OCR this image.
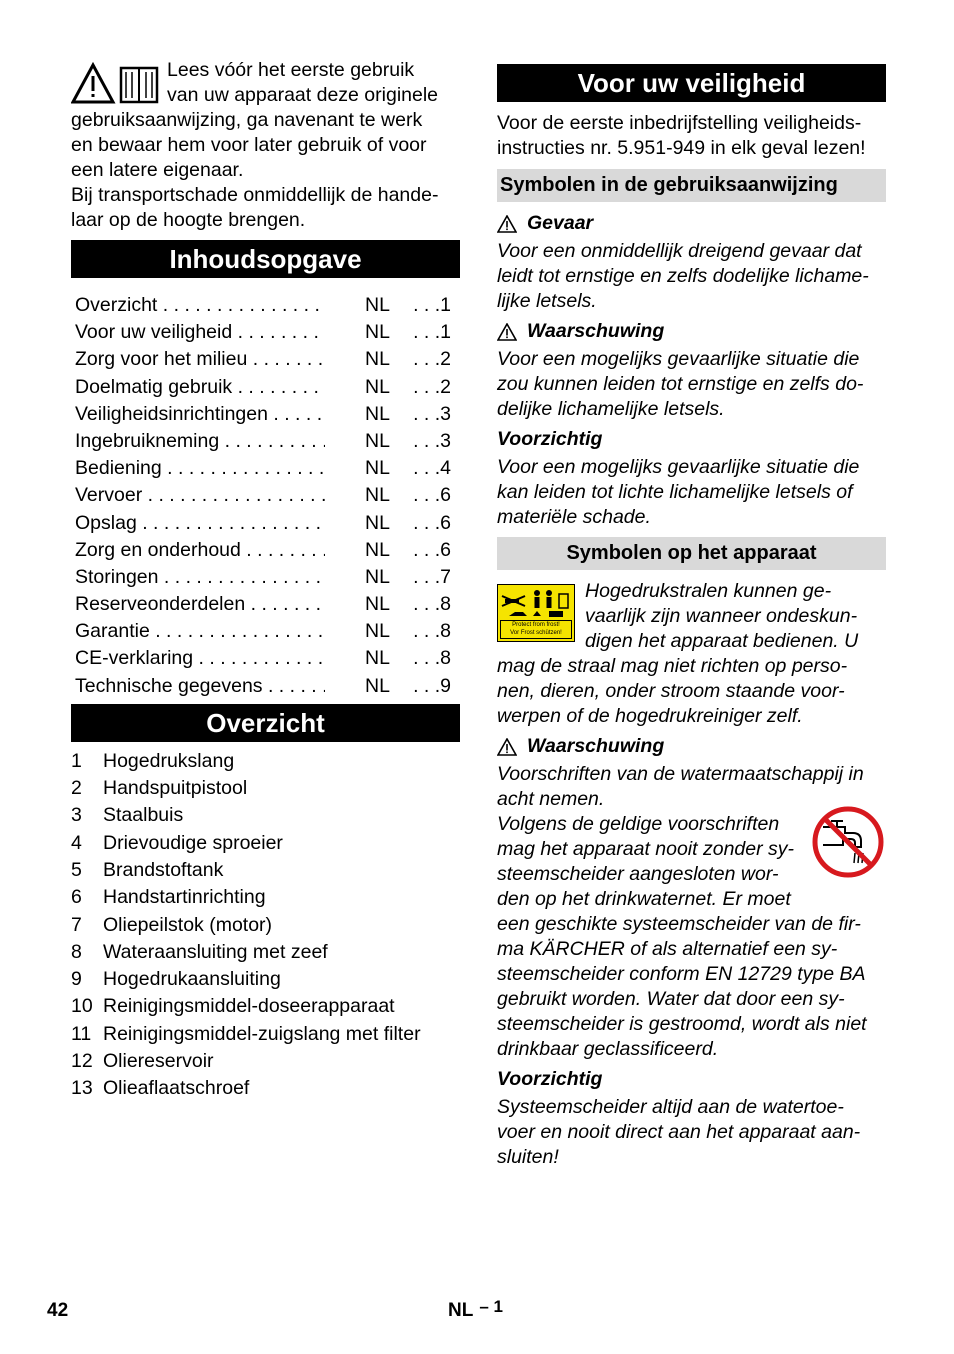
Lees vóór het eerste gebruik

van uw apparaat deze originele

gebruiksaanwijzing, ga navenant te werk

en bewaar hem voor later gebruik of voor

een latere eigenaar.

Bij transportschade onmiddellijk de hande-

laar op de hoogte brengen.

Inhoudsopgave
Overzicht . . .	NL	. . .1
Voor uw veiligheid . . .	NL	. . .1
Zorg voor het milieu . . .	NL	. . .2
Doelmatig gebruik . . .	NL	. . .2
Veiligheidsinrichtingen . . .	NL	. . .3
Ingebruikneming . . .	NL	. . .3
Bediening . . .	NL	. . .4
Vervoer . . .	NL	. . .6
Opslag . . .	NL	. . .6
Zorg en onderhoud . . .	NL	. . .6
Storingen . . .	NL	. . .7
Reserveonderdelen . . .	NL	. . .8
Garantie . . .	NL	. . .8
CE-verklaring . . .	NL	. . .8
Technische gegevens . . .	NL	. . .9
Overzicht
1 Hogedrukslang
2 Handspuitpistool
3 Staalbuis
4 Drievoudige sproeier
5 Brandstoftank
6 Handstartinrichting
7 Oliepeilstok (motor)
8 Wateraansluiting met zeef
9 Hogedrukaansluiting
10 Reinigingsmiddel-doseerapparaat
11 Reinigingsmiddel-zuigslang met filter
12 Oliereservoir
13 Olieaflaatschroef
Voor uw veiligheid

Voor de eerste inbedrijfstelling veiligheids-

instructies nr. 5.951-949 in elk geval lezen!

Symbolen in de gebruiksaanwijzing
Gevaar

Voor een onmiddellijk dreigend gevaar dat

leidt tot ernstige en zelfs dodelijke lichame-

lijke letsels.

Waarschuwing

Voor een mogelijks gevaarlijke situatie die

zou kunnen leiden tot ernstige en zelfs do-

delijke lichamelijke letsels.

Voorzichtig

Voor een mogelijks gevaarlijke situatie die

kan leiden tot lichte lichamelijke letsels of

materiële schade.

Symbolen op het apparaat
Protect from frost!
Vor Frost schützen!

Hogedrukstralen kunnen ge-

vaarlijk zijn wanneer ondeskun-

digen het apparaat bedienen. U

mag de straal mag niet richten op perso-

nen, dieren, onder stroom staande voor-

werpen of de hogedrukreiniger zelf.

Waarschuwing

Voorschriften van de watermaatschappij in

acht nemen.

Volgens de geldige voorschriften

mag het apparaat nooit zonder sy-

steemscheider aangesloten wor-

den op het drinkwaternet. Er moet

een geschikte systeemscheider van de fir-

ma KÄRCHER of als alternatief een sy-

steemscheider conform EN 12729 type BA

gebruikt worden. Water dat door een sy-

steemscheider is gestroomd, wordt als niet

drinkbaar geclassificeerd.

Voorzichtig

Systeemscheider altijd aan de watertoe-

voer en nooit direct aan het apparaat aan-

sluiten!

42	NL – 1
